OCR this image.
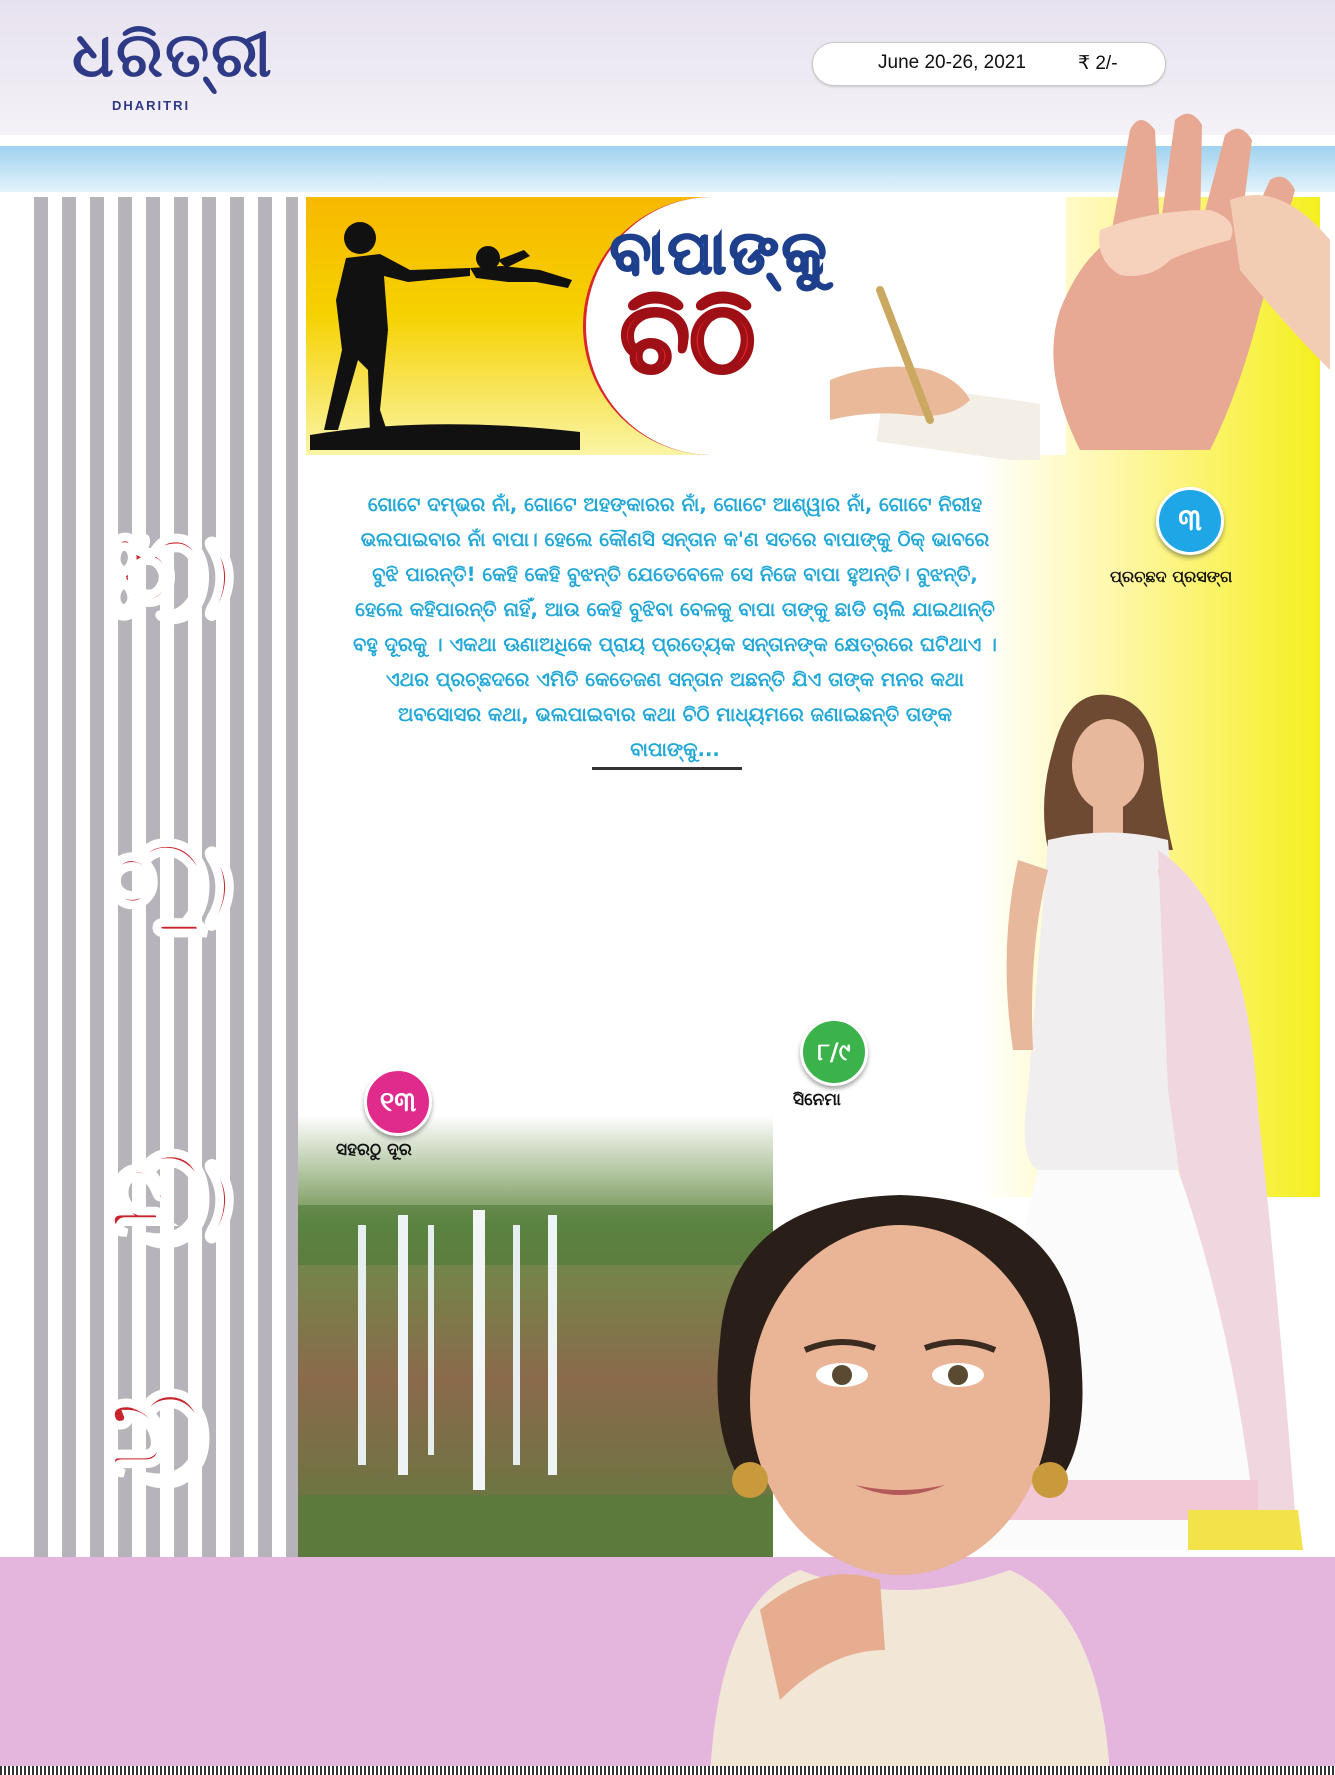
ଧରିତ୍ରୀ
DHARITRI
June 20-26, 2021	₹ 2/-
ନ
ଦି
ଟି
ଛି
ବାପାଙ୍କୁ
ଚିଠି
ଗୋଟେ ଦମ୍ଭର ନାଁ, ଗୋଟେ ଅହଙ୍କାରର ନାଁ, ଗୋଟେ ଆଶ୍ୱାର ନାଁ, ଗୋଟେ ନିରୀହ ଭଲପାଇବାର ନାଁ ବାପା। ହେଲେ କୌଣସି ସନ୍ତାନ କ'ଣ ସତରେ ବାପାଙ୍କୁ ଠିକ୍ ଭାବରେ ବୁଝି ପାରନ୍ତି! କେହି କେହି ବୁଝନ୍ତି ଯେତେବେଳେ ସେ ନିଜେ ବାପା ହୁଅନ୍ତି। ବୁଝନ୍ତି, ହେଲେ କହିପାରନ୍ତି ନାହିଁ, ଆଉ କେହି ବୁଝିବା ବେଳକୁ ବାପା ତାଙ୍କୁ ଛାଡି ଚାଲି ଯାଇଥାନ୍ତି ବହୁ ଦୂରକୁ । ଏକଥା ଊଣାଅଧିକେ ପ୍ରାୟ ପ୍ରତ୍ୟେକ ସନ୍ତାନଙ୍କ କ୍ଷେତ୍ରରେ ଘଟିଥାଏ । ଏଥର ପ୍ରଚ୍ଛଦରେ ଏମିତି କେତେଜଣ ସନ୍ତାନ ଅଛନ୍ତି ଯିଏ ତାଙ୍କ ମନର କଥା ଅବସୋସର କଥା, ଭଲପାଇବାର କଥା ଚିଠି ମାଧ୍ୟମରେ ଜଣାଇଛନ୍ତି ତାଙ୍କ ବାପାଙ୍କୁ...
୩
ପ୍ରଚ୍ଛଦ ପ୍ରସଙ୍ଗ
୧୩
ସହରଠୁ ଦୂର
୮/୯
ସିନେମା
